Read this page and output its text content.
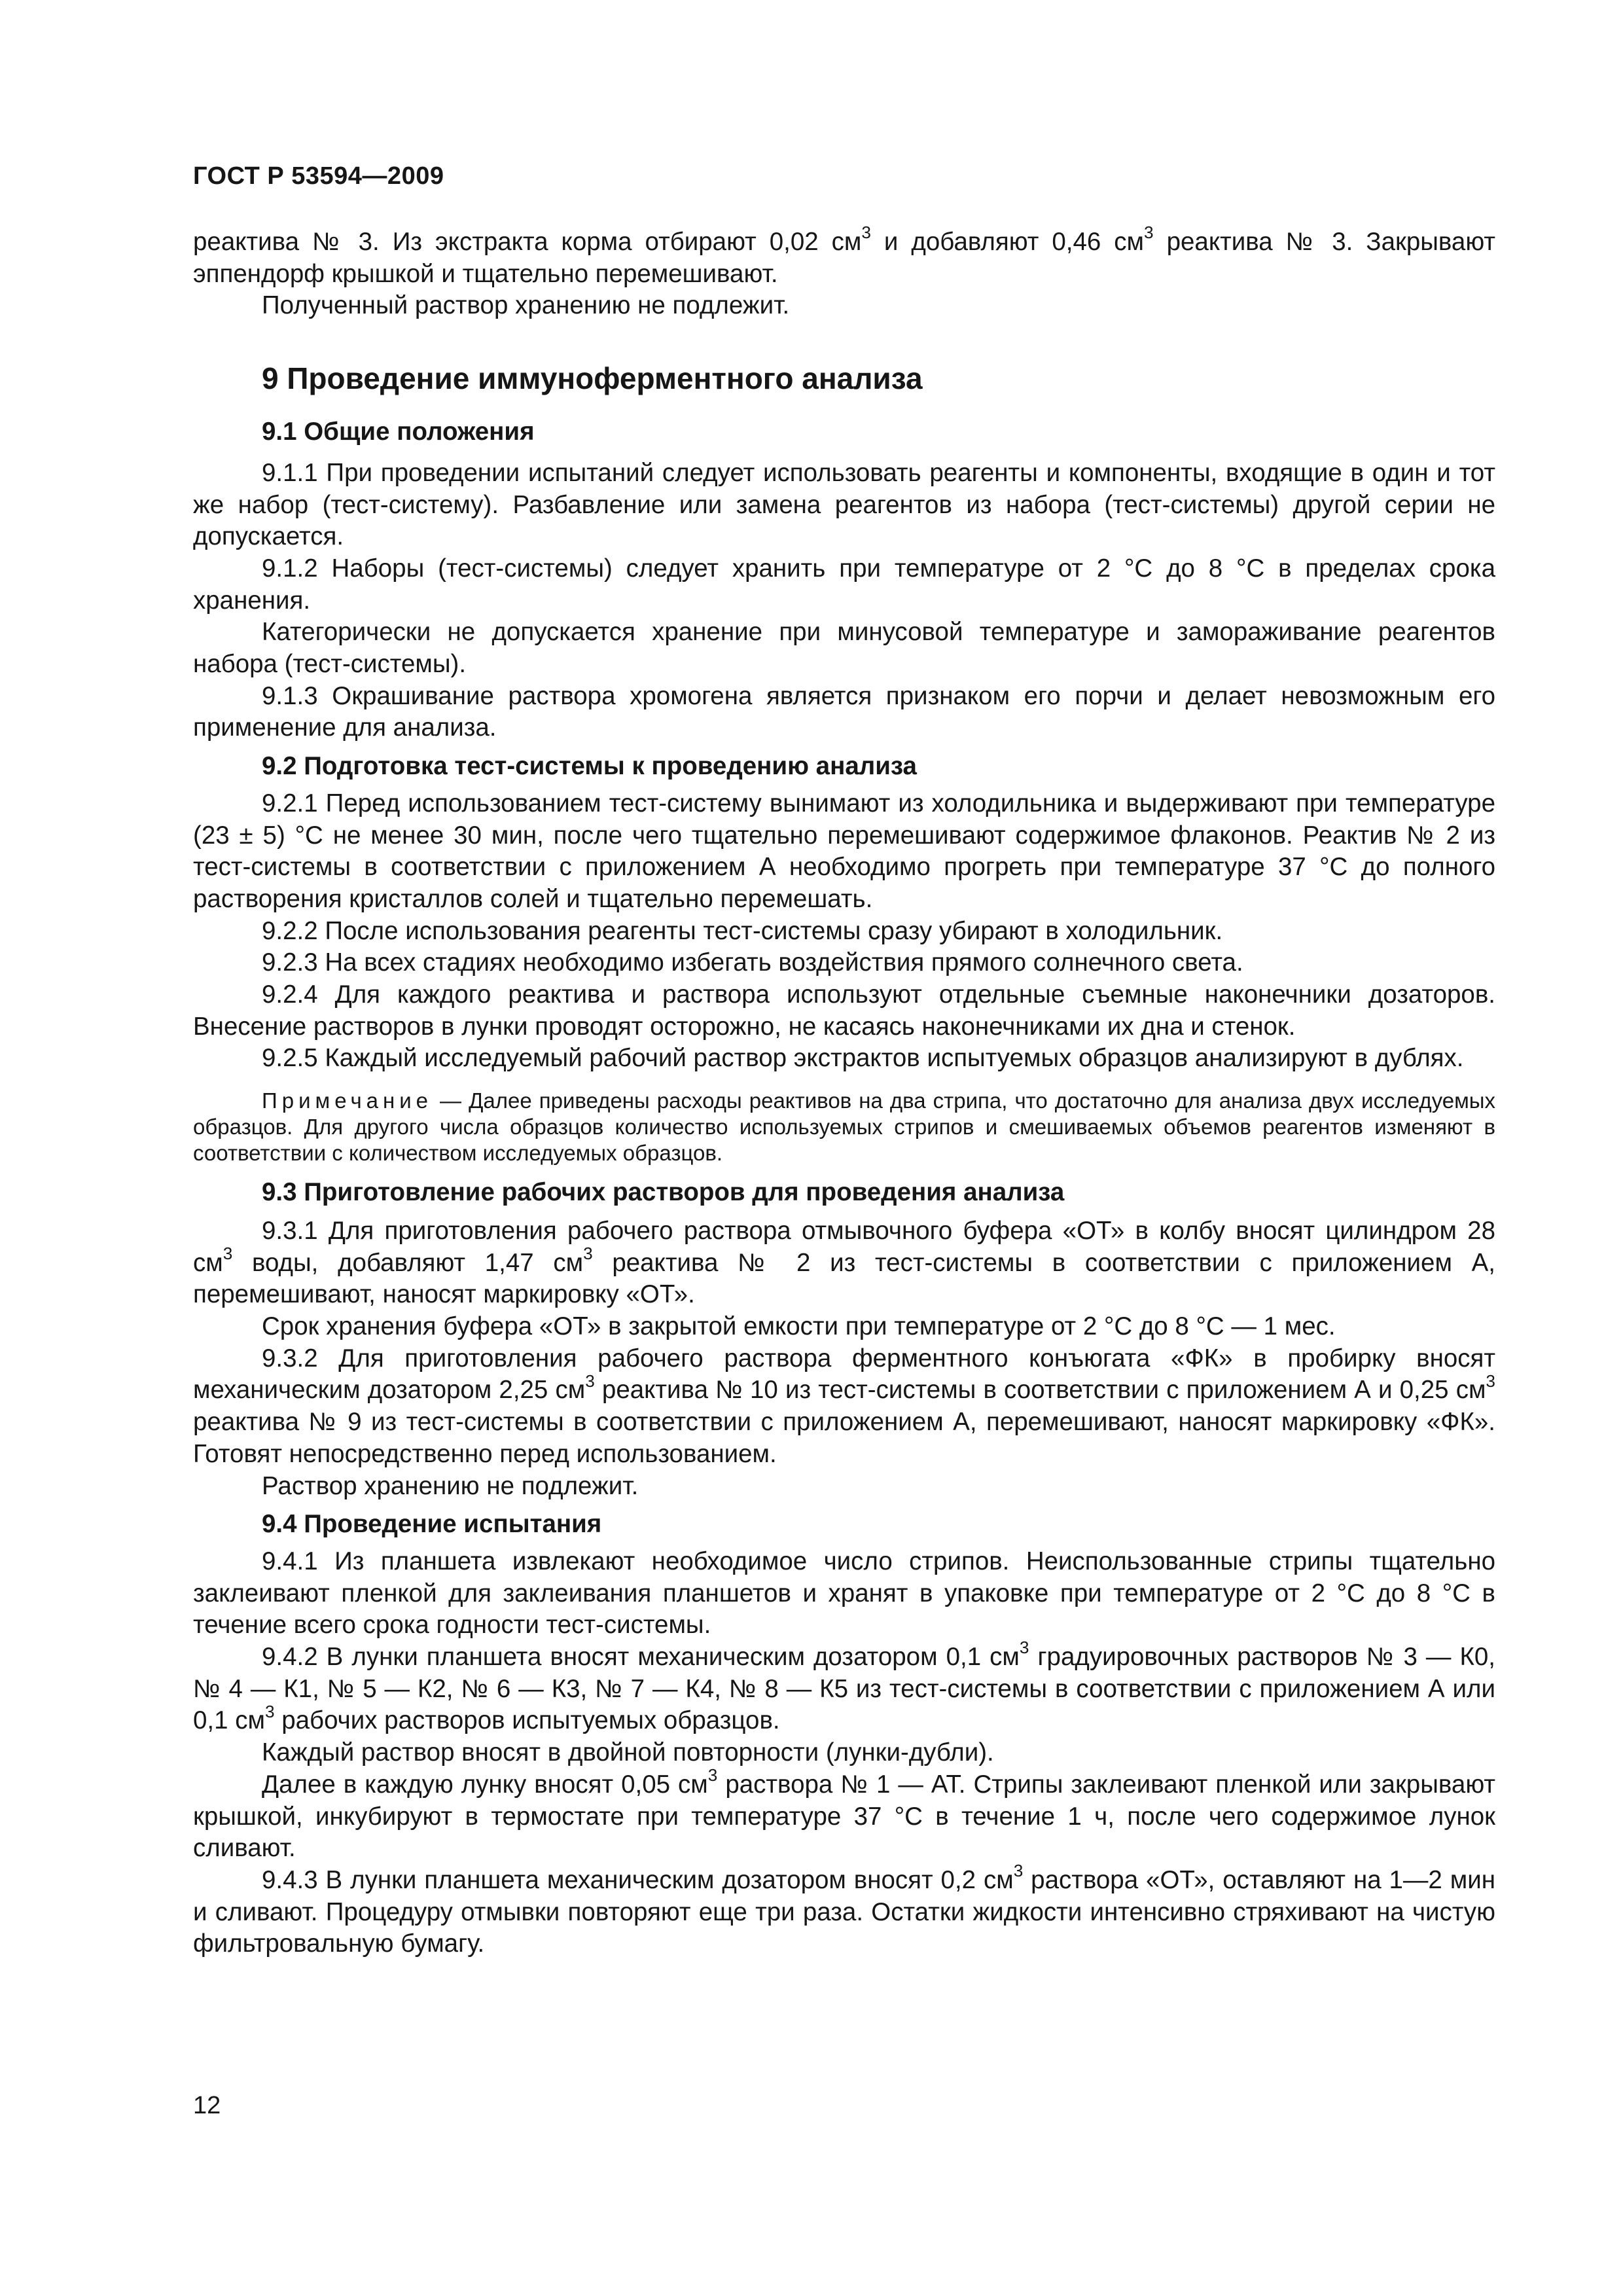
ГОСТ Р 53594—2009

реактива № 3. Из экстракта корма отбирают 0,02 $см^3$ и добавляют 0,46 $см^3$ реактива № 3. Закрывают эппендорф крышкой и тщательно перемешивают.

Полученный раствор хранению не подлежит.

9 Проведение иммуноферментного анализа
9.1 Общие положения

9.1.1 При проведении испытаний следует использовать реагенты и компоненты, входящие в один и тот же набор (тест-систему). Разбавление или замена реагентов из набора (тест-системы) другой серии не допускается.

9.1.2 Наборы (тест-системы) следует хранить при температуре от 2 °С до 8 °С в пределах срока хранения.

Категорически не допускается хранение при минусовой температуре и замораживание реагентов набора (тест-системы).

9.1.3 Окрашивание раствора хромогена является признаком его порчи и делает невозможным его применение для анализа.

9.2 Подготовка тест-системы к проведению анализа

9.2.1 Перед использованием тест-систему вынимают из холодильника и выдерживают при температуре (23 ± 5) °С не менее 30 мин, после чего тщательно перемешивают содержимое флаконов. Реактив № 2 из тест-системы в соответствии с приложением А необходимо прогреть при температуре 37 °С до полного растворения кристаллов солей и тщательно перемешать.

9.2.2 После использования реагенты тест-системы сразу убирают в холодильник.

9.2.3 На всех стадиях необходимо избегать воздействия прямого солнечного света.

9.2.4 Для каждого реактива и раствора используют отдельные съемные наконечники дозаторов. Внесение растворов в лунки проводят осторожно, не касаясь наконечниками их дна и стенок.

9.2.5 Каждый исследуемый рабочий раствор экстрактов испытуемых образцов анализируют в дублях.

Примечание — Далее приведены расходы реактивов на два стрипа, что достаточно для анализа двух исследуемых образцов. Для другого числа образцов количество используемых стрипов и смешиваемых объемов реагентов изменяют в соответствии с количеством исследуемых образцов.
9.3 Приготовление рабочих растворов для проведения анализа

9.3.1 Для приготовления рабочего раствора отмывочного буфера «ОТ» в колбу вносят цилиндром 28 $см^3$ воды, добавляют 1,47 $см^3$ реактива № 2 из тест-системы в соответствии с приложением А, перемешивают, наносят маркировку «ОТ».

Срок хранения буфера «ОТ» в закрытой емкости при температуре от 2 °С до 8 °С — 1 мес.

9.3.2 Для приготовления рабочего раствора ферментного конъюгата «ФК» в пробирку вносят механическим дозатором 2,25 $см^3$ реактива № 10 из тест-системы в соответствии с приложением А и 0,25 $см^3$ реактива № 9 из тест-системы в соответствии с приложением А, перемешивают, наносят маркировку «ФК». Готовят непосредственно перед использованием.

Раствор хранению не подлежит.

9.4 Проведение испытания

9.4.1 Из планшета извлекают необходимое число стрипов. Неиспользованные стрипы тщательно заклеивают пленкой для заклеивания планшетов и хранят в упаковке при температуре от 2 °С до 8 °С в течение всего срока годности тест-системы.

9.4.2 В лунки планшета вносят механическим дозатором 0,1 $см^3$ градуировочных растворов № 3 — К0, № 4 — К1, № 5 — К2, № 6 — К3, № 7 — К4, № 8 — К5 из тест-системы в соответствии с приложением А или 0,1 $см^3$ рабочих растворов испытуемых образцов.

Каждый раствор вносят в двойной повторности (лунки-дубли).

Далее в каждую лунку вносят 0,05 $см^3$ раствора № 1 — АТ. Стрипы заклеивают пленкой или закрывают крышкой, инкубируют в термостате при температуре 37 °С в течение 1 ч, после чего содержимое лунок сливают.

9.4.3 В лунки планшета механическим дозатором вносят 0,2 $см^3$ раствора «ОТ», оставляют на 1—2 мин и сливают. Процедуру отмывки повторяют еще три раза. Остатки жидкости интенсивно стряхивают на чистую фильтровальную бумагу.

12
